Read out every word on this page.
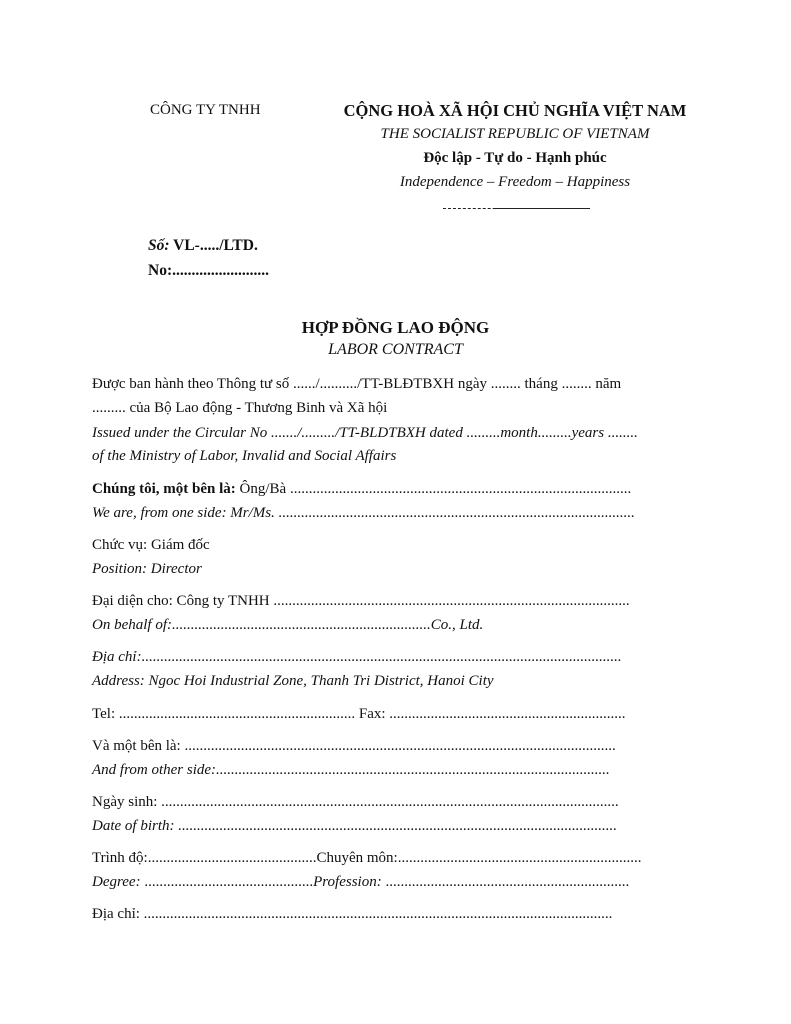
CÔNG TY TNHH	CỘNG HOÀ XÃ HỘI CHỦ NGHĨA VIỆT NAM
THE SOCIALIST REPUBLIC OF VIETNAM
Độc lập - Tự do - Hạnh phúc
Independence – Freedom – Happiness
Số: VL-...../LTD.
No:.........................
HỢP ĐỒNG LAO ĐỘNG
LABOR CONTRACT
Được ban hành theo Thông tư số ....../........../TT-BLĐTBXH ngày ........ tháng ........ năm
......... của Bộ Lao động - Thương Binh và Xã hội
Issued under the Circular No ......./........./TT-BLDTBXH dated .........month.........years ........
of the Ministry of Labor, Invalid and Social Affairs
Chúng tôi, một bên là: Ông/Bà ...........................................................................................
We are, from one side: Mr/Ms. ...............................................................................................
Chức vụ: Giám đốc
Position: Director
Đại diện cho: Công ty TNHH ...............................................................................................
On behalf of:.....................................................................Co., Ltd.
Địa chỉ:................................................................................................................................
Address: Ngoc Hoi Industrial Zone, Thanh Tri District, Hanoi City
Tel: ............................................................... Fax: ...............................................................
Và một bên là: ...................................................................................................................
And from other side:.........................................................................................................
Ngày sinh: ..........................................................................................................................
Date of birth: .....................................................................................................................
Trình độ:.............................................Chuyên môn:.................................................................
Degree: .............................................Profession: .................................................................
Địa chỉ: .............................................................................................................................
